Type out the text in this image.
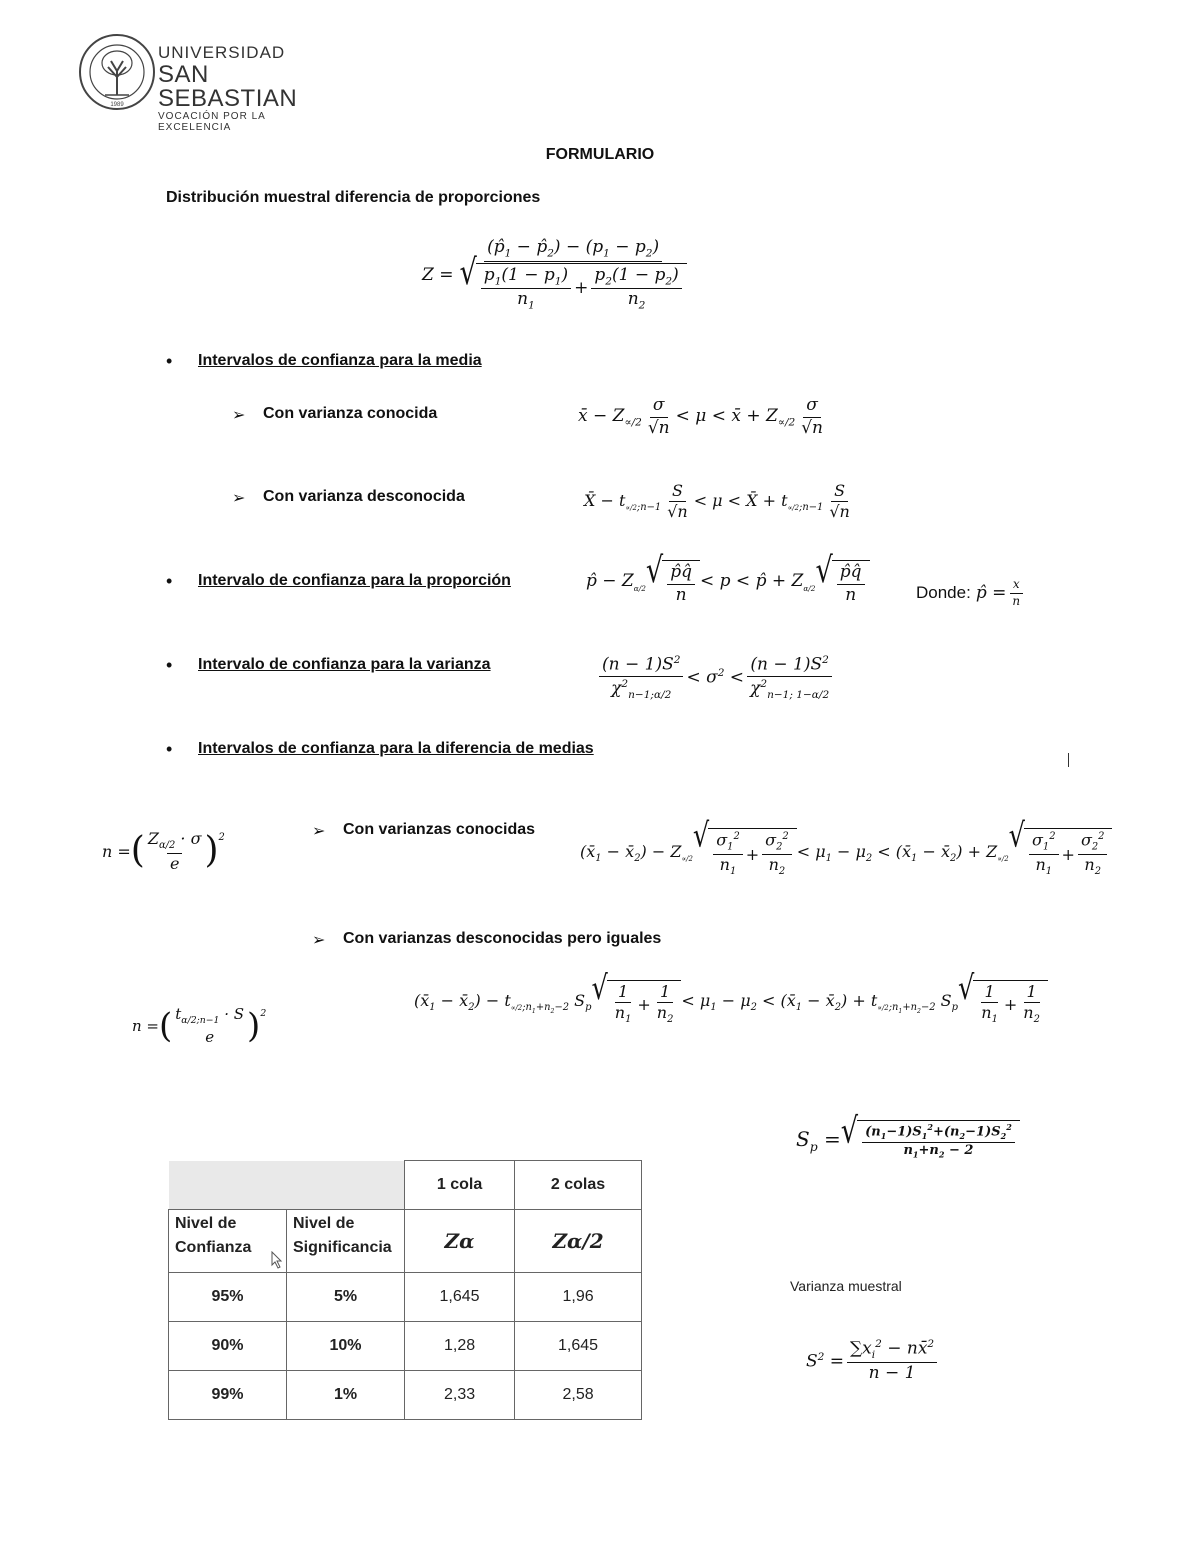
1989
UNIVERSIDAD
SAN SEBASTIAN
VOCACIÓN POR LA EXCELENCIA
FORMULARIO
Distribución muestral diferencia de proporciones
$Z = \frac{(p̂_1 - p̂_2) - (p_1 - p_2)}{√ \frac{p_1(1 - p_1)}{n_1} + \frac{p_2(1 - p_2)}{n_2}}$
• Intervalos de confianza para la media
➢ Con varianza conocida	x̄ − $Z_{\propto/2} \frac{\sigma}{√n} < \mu$ < x̄ + $Z_{\propto/2} \frac{\sigma}{√n}$
➢ Con varianza desconocida	X̄ − $t_{\propto/2;n-1} \frac{S}{√n} < \mu$ < X̄ + $t_{\propto/2;n-1} \frac{S}{√n}$
• Intervalo de confianza para la proporción	p̂ − $Z_{\alpha/2}$ √ $\frac{p̂q̂}{n} < p$ < p̂ + $Z_{\alpha/2}$ √ $\frac{p̂q̂}{n}$	Donde: p̂ = $\frac{x}{n}$
• Intervalo de confianza para la varianza	$\frac{(n - 1)S^2}{\chi^2_{n-1;\alpha/2}} < \sigma^2 < \frac{(n - 1)S^2}{\chi^2_{n-1; 1-\alpha/2}}$
• Intervalos de confianza para la diferencia de medias
n = ( $\frac{Z_{\alpha/2} \cdot \sigma}{e} )^2$	➢ Con varianzas conocidas
($x̄_1$ − $x̄_2) - Z_{\propto/2}$
√ $\frac{\sigma_1^2}{n_1} + \frac{\sigma_2^2}{n_2} < \mu_1 - \mu_2$ < ($x̄_1$ − $x̄_2) + Z_{\propto/2}$
√ $\frac{\sigma_1^2}{n_1} + \frac{\sigma_2^2}{n_2}$
➢ Con varianzas desconocidas pero iguales
($x̄_1$ − $x̄_2) - t_{\propto/2;n_1+n_2-2}$ $S_p$ √ $\frac{1}{n_1} + \frac{1}{n_2} < \mu_1 - \mu_2$ < ($x̄_1$ − $x̄_2) + t_{\propto/2;n_1+n_2-2}$ $S_p$ √ $\frac{1}{n_1} + \frac{1}{n_2}$
n = ( $t_{\alpha/2;n-1} \cdot S$
e )$^2$
$S_p$ = √ $\frac{(n_1-1)S_1^2+(n_2-1)S_2^2}{n_1+n_2 - 2}$
		1 cola	2 colas
Nivel de Confianza	Nivel de Significancia	Zα	Zα/2
95%	5%	1,645	1,96
90%	10%	1,28	1,645
99%	1%	2,33	2,58
Varianza muestral
$S^2 = \frac{\sum x_i^2 - nx̄^2}{n - 1}$
